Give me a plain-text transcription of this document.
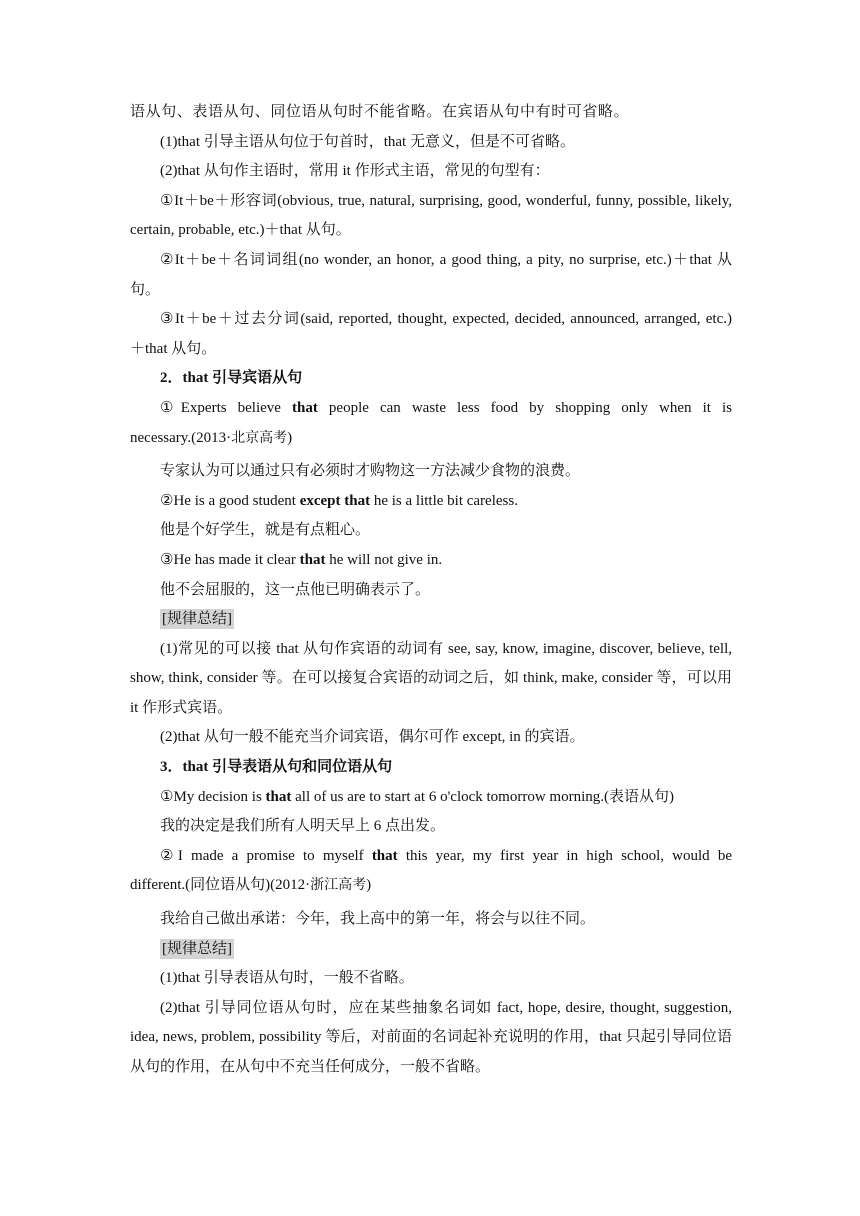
语从句、表语从句、同位语从句时不能省略。在宾语从句中有时可省略。

(1)that 引导主语从句位于句首时，that 无意义，但是不可省略。

(2)that 从句作主语时，常用 it 作形式主语，常见的句型有：

①It＋be＋形容词(obvious, true, natural, surprising, good, wonderful, funny, possible, likely,

certain, probable, etc.)＋that 从句。

②It＋be＋名词词组(no wonder, an honor, a good thing, a pity, no surprise, etc.)＋that 从

句。

③It＋be＋过去分词(said, reported, thought, expected, decided, announced, arranged, etc.)

＋that 从句。

2．that 引导宾语从句

①Experts believe that people can waste less food by shopping only when it is

necessary.(2013·北京高考)

专家认为可以通过只有必须时才购物这一方法减少食物的浪费。

②He is a good student except that he is a little bit careless.

他是个好学生，就是有点粗心。

③He has made it clear that he will not give in.

他不会屈服的，这一点他已明确表示了。

[规律总结]

(1)常见的可以接 that 从句作宾语的动词有 see, say, know, imagine, discover, believe, tell,

show, think, consider 等。在可以接复合宾语的动词之后，如 think, make, consider 等，可以用

it 作形式宾语。

(2)that 从句一般不能充当介词宾语，偶尔可作 except, in 的宾语。

3．that 引导表语从句和同位语从句

①My decision is that all of us are to start at 6 o'clock tomorrow morning.(表语从句)

我的决定是我们所有人明天早上 6 点出发。

②I made a promise to myself that this year, my first year in high school, would be

different.(同位语从句)(2012·浙江高考)

我给自己做出承诺：今年，我上高中的第一年，将会与以往不同。

[规律总结]

(1)that 引导表语从句时，一般不省略。

(2)that 引导同位语从句时，应在某些抽象名词如 fact, hope, desire, thought, suggestion,

idea, news, problem, possibility 等后，对前面的名词起补充说明的作用，that 只起引导同位语

从句的作用，在从句中不充当任何成分，一般不省略。
